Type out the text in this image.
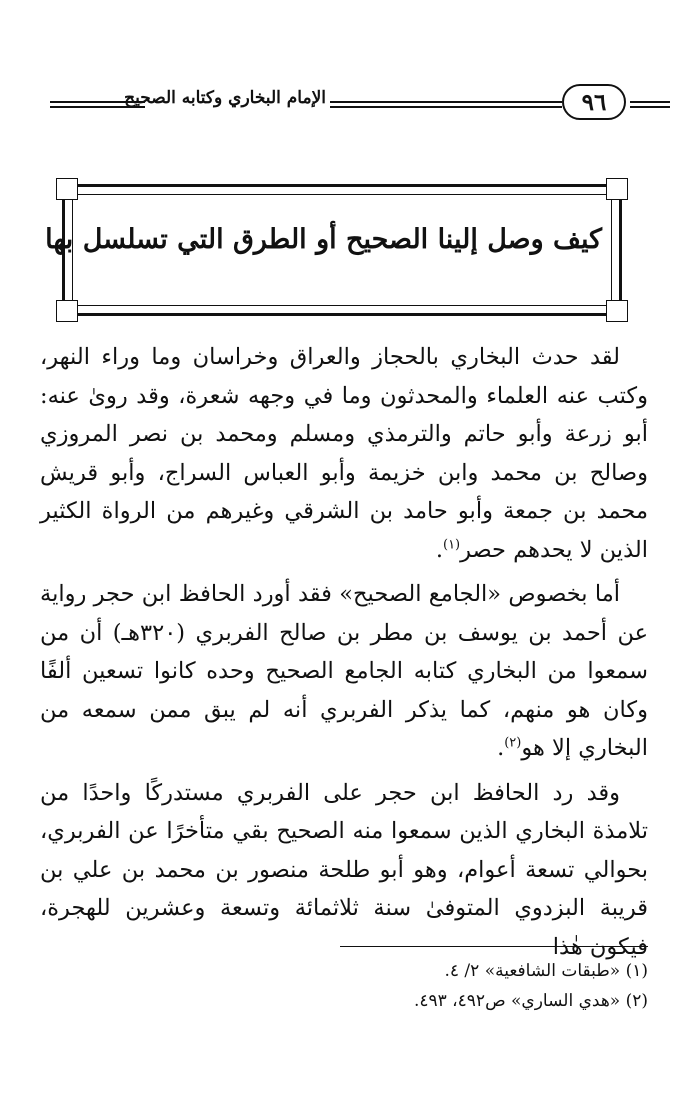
الإمام البخاري وكتابه الصحيح	٩٦
كيف وصل إلينا الصحيح أو الطرق التي تسلسل بها

لقد حدث البخاري بالحجاز والعراق وخراسان وما وراء النهر، وكتب عنه العلماء والمحدثون وما في وجهه شعرة، وقد روىٰ عنه: أبو زرعة وأبو حاتم والترمذي ومسلم ومحمد بن نصر المروزي وصالح بن محمد وابن خزيمة وأبو العباس السراج، وأبو قريش محمد بن جمعة وأبو حامد بن الشرقي وغيرهم من الرواة الكثير الذين لا يحدهم حصر$^{(١)}$.

أما بخصوص «الجامع الصحيح» فقد أورد الحافظ ابن حجر رواية عن أحمد بن يوسف بن مطر بن صالح الفربري (٣٢٠هـ) أن من سمعوا من البخاري كتابه الجامع الصحيح وحده كانوا تسعين ألفًا وكان هو منهم، كما يذكر الفربري أنه لم يبق ممن سمعه من البخاري إلا هو$^{(٢)}$.

وقد رد الحافظ ابن حجر على الفربري مستدركًا واحدًا من تلامذة البخاري الذين سمعوا منه الصحيح بقي متأخرًا عن الفربري، بحوالي تسعة أعوام، وهو أبو طلحة منصور بن محمد بن علي بن قريبة البزدوي المتوفىٰ سنة ثلاثمائة وتسعة وعشرين للهجرة، فيكون هٰذا

(١) «طبقات الشافعية» ٢/ ٤.

(٢) «هدي الساري» ص٤٩٢، ٤٩٣.
